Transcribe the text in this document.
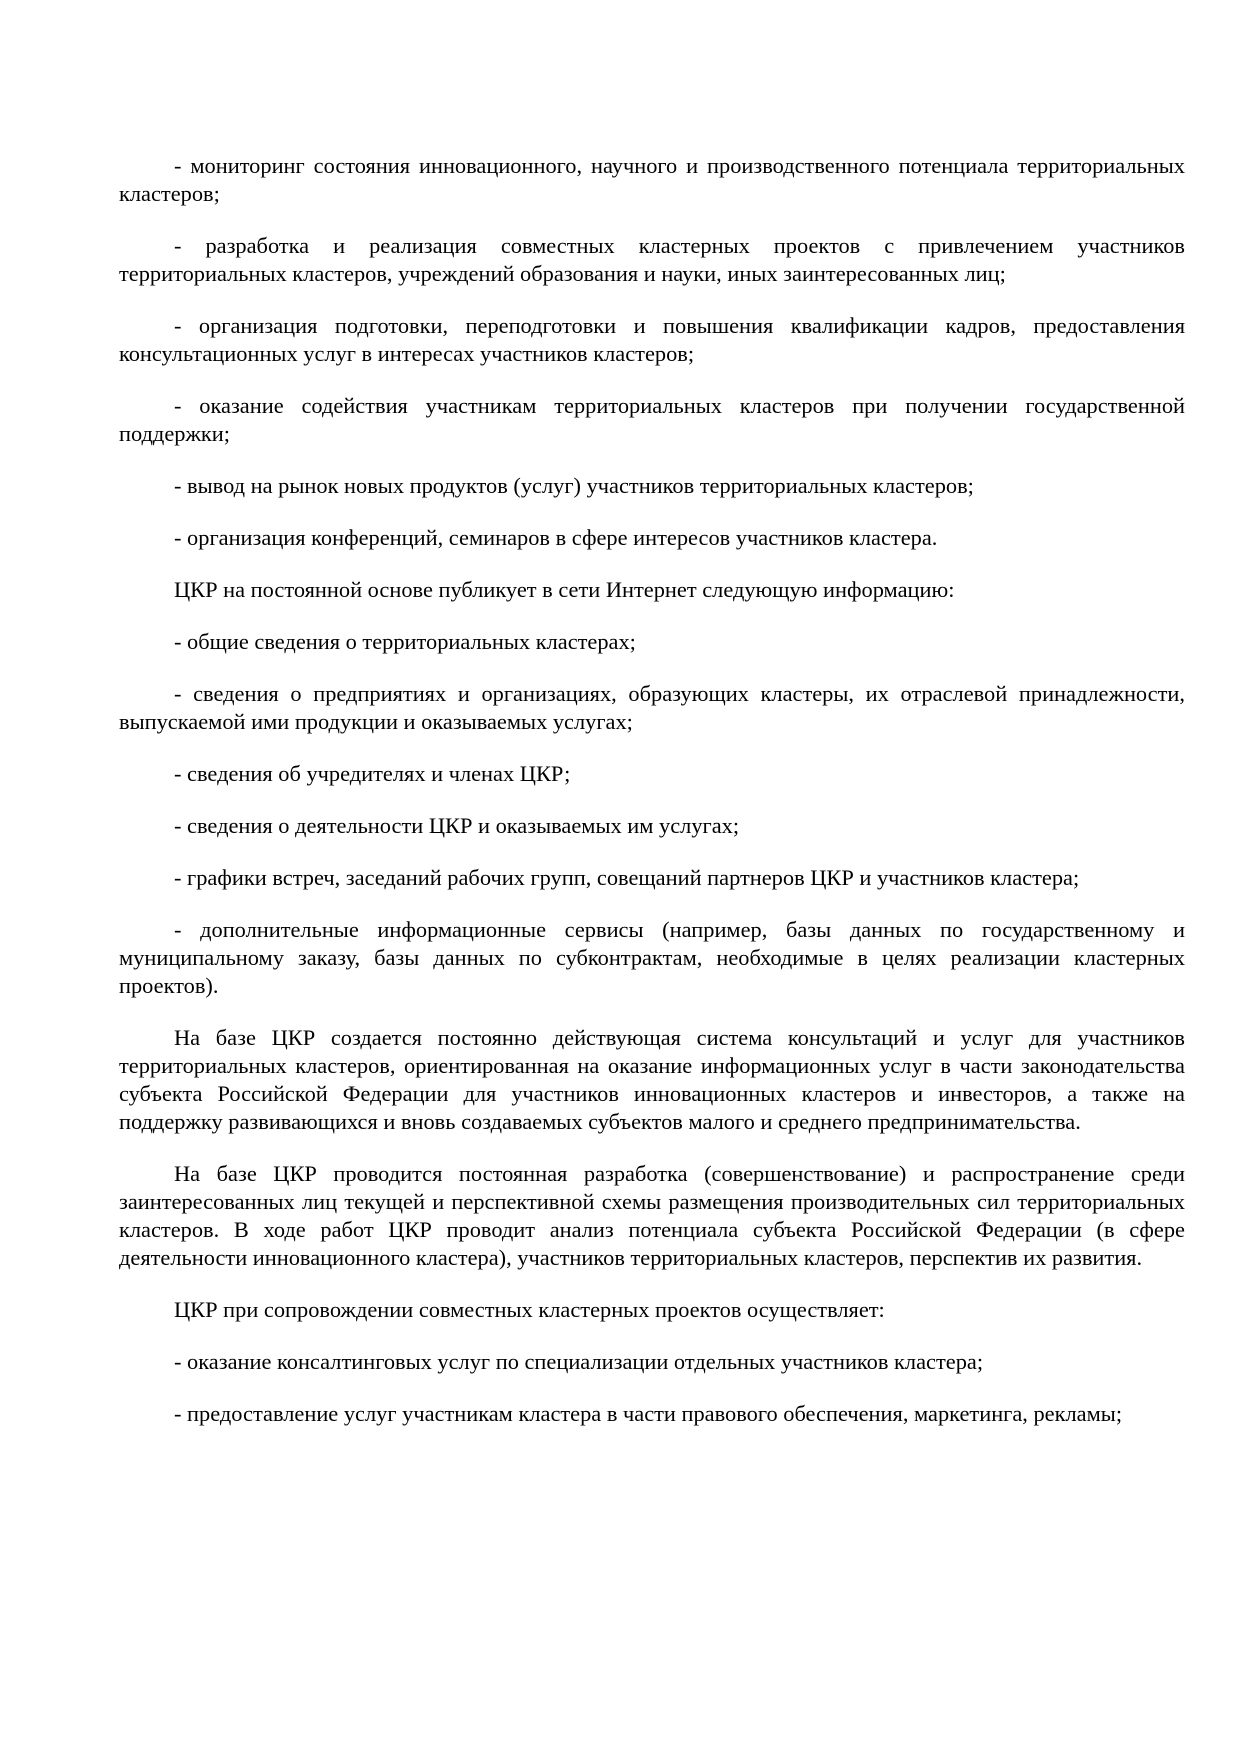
- мониторинг состояния инновационного, научного и производственного потенциала территориальных кластеров;

- разработка и реализация совместных кластерных проектов с привлечением участников территориальных кластеров, учреждений образования и науки, иных заинтересованных лиц;

- организация подготовки, переподготовки и повышения квалификации кадров, предоставления консультационных услуг в интересах участников кластеров;

- оказание содействия участникам территориальных кластеров при получении государственной поддержки;

- вывод на рынок новых продуктов (услуг) участников территориальных кластеров;

- организация конференций, семинаров в сфере интересов участников кластера.

ЦКР на постоянной основе публикует в сети Интернет следующую информацию:

- общие сведения о территориальных кластерах;

- сведения о предприятиях и организациях, образующих кластеры, их отраслевой принадлежности, выпускаемой ими продукции и оказываемых услугах;

- сведения об учредителях и членах ЦКР;

- сведения о деятельности ЦКР и оказываемых им услугах;

- графики встреч, заседаний рабочих групп, совещаний партнеров ЦКР и участников кластера;

- дополнительные информационные сервисы (например, базы данных по государственному и муниципальному заказу, базы данных по субконтрактам, необходимые в целях реализации кластерных проектов).

На базе ЦКР создается постоянно действующая система консультаций и услуг для участников территориальных кластеров, ориентированная на оказание информационных услуг в части законодательства субъекта Российской Федерации для участников инновационных кластеров и инвесторов, а также на поддержку развивающихся и вновь создаваемых субъектов малого и среднего предпринимательства.

На базе ЦКР проводится постоянная разработка (совершенствование) и распространение среди заинтересованных лиц текущей и перспективной схемы размещения производительных сил территориальных кластеров. В ходе работ ЦКР проводит анализ потенциала субъекта Российской Федерации (в сфере деятельности инновационного кластера), участников территориальных кластеров, перспектив их развития.

ЦКР при сопровождении совместных кластерных проектов осуществляет:

- оказание консалтинговых услуг по специализации отдельных участников кластера;

- предоставление услуг участникам кластера в части правового обеспечения, маркетинга, рекламы;
